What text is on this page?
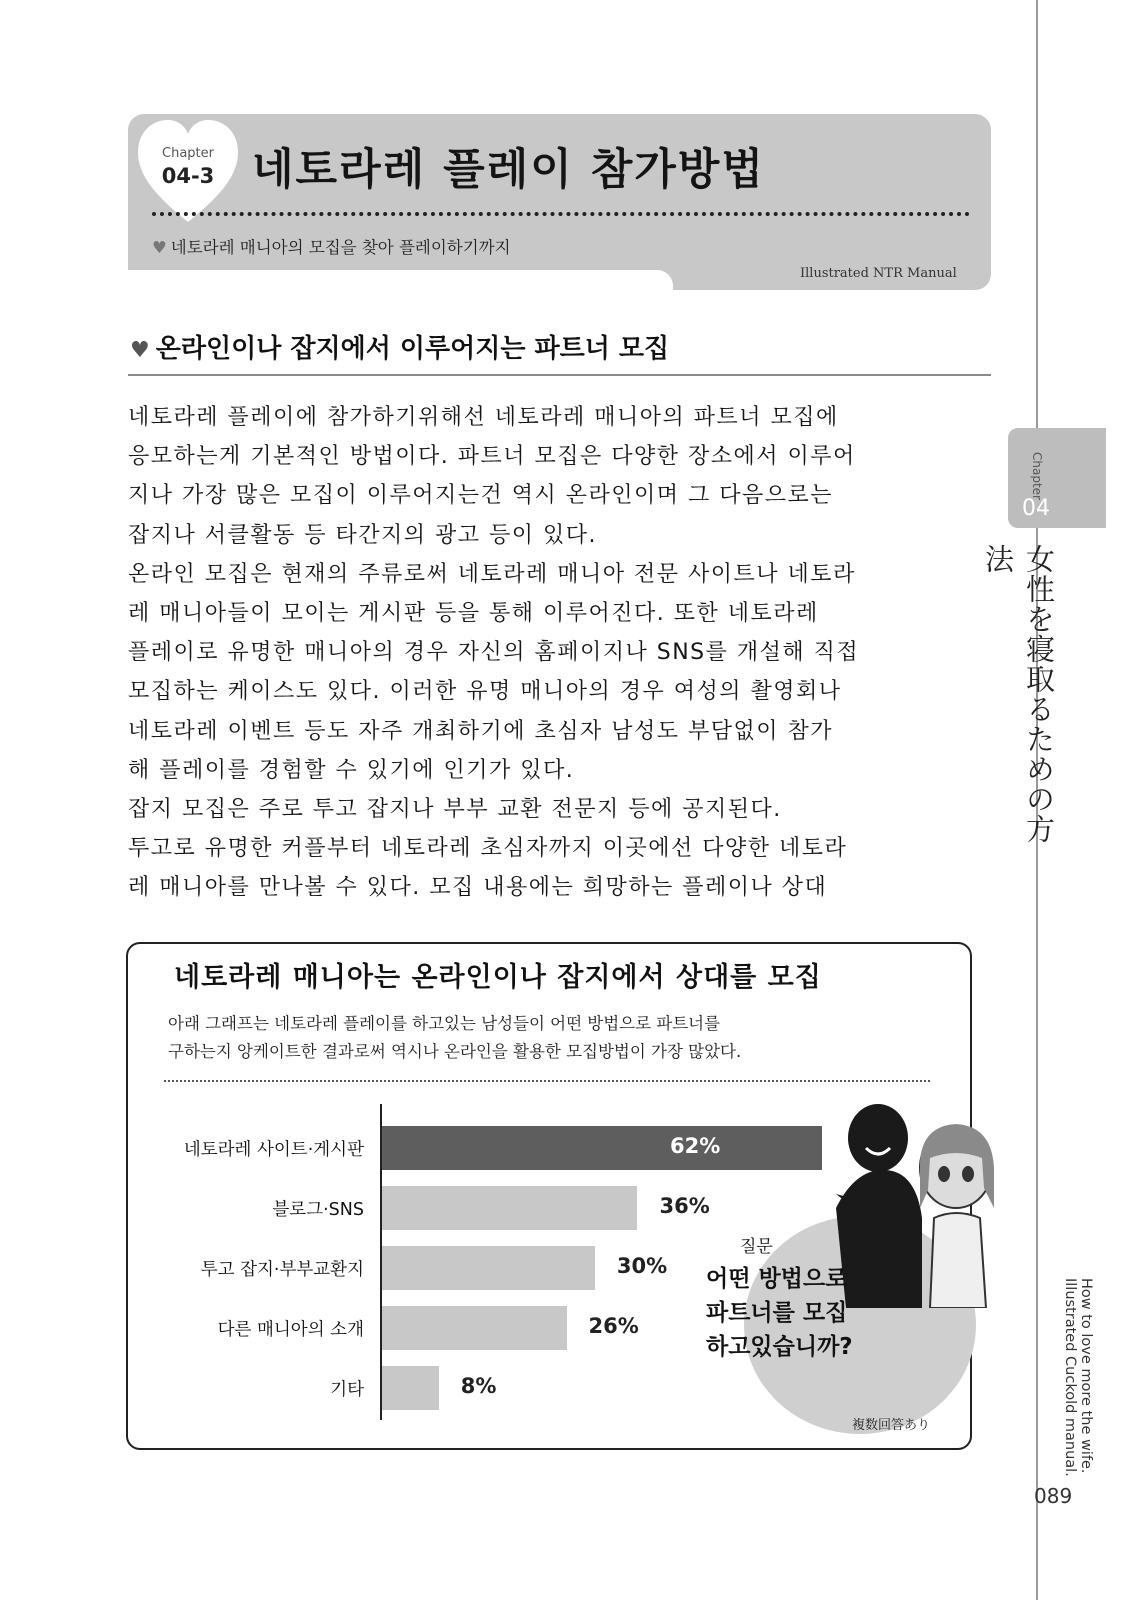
Chapter
04-3 네토라레 플레이 참가방법
♥ 네토라레 매니아의 모집을 찾아 플레이하기까지
Illustrated NTR Manual
♥ 온라인이나 잡지에서 이루어지는 파트너 모집
네토라레 플레이에 참가하기위해선 네토라레 매니아의 파트너 모집에
응모하는게 기본적인 방법이다. 파트너 모집은 다양한 장소에서 이루어
지나 가장 많은 모집이 이루어지는건 역시 온라인이며 그 다음으로는
잡지나 서클활동 등 타간지의 광고 등이 있다.
온라인 모집은 현재의 주류로써 네토라레 매니아 전문 사이트나 네토라
레 매니아들이 모이는 게시판 등을 통해 이루어진다. 또한 네토라레
플레이로 유명한 매니아의 경우 자신의 홈페이지나 SNS를 개설해 직접
모집하는 케이스도 있다. 이러한 유명 매니아의 경우 여성의 촬영회나
네토라레 이벤트 등도 자주 개최하기에 초심자 남성도 부담없이 참가
해 플레이를 경험할 수 있기에 인기가 있다.
잡지 모집은 주로 투고 잡지나 부부 교환 전문지 등에 공지된다.
투고로 유명한 커플부터 네토라레 초심자까지 이곳에선 다양한 네토라
레 매니아를 만나볼 수 있다. 모집 내용에는 희망하는 플레이나 상대
Chapter
04
女性を寝取るための方法
How to love more the wife.
Illustrated Cuckold manual.
089
네토라레 매니아는 온라인이나 잡지에서 상대를 모집
아래 그래프는 네토라레 플레이를 하고있는 남성들이 어떤 방법으로 파트너를
구하는지 앙케이트한 결과로써 역시나 온라인을 활용한 모집방법이 가장 많았다.
질문
어떤 방법으로
파트너를 모집
하고있습니까?
複数回答あり
네토라레 사이트·게시판	62%
블로그·SNS	36%
투고 잡지·부부교환지	30%
다른 매니아의 소개	26%
기타	8%
